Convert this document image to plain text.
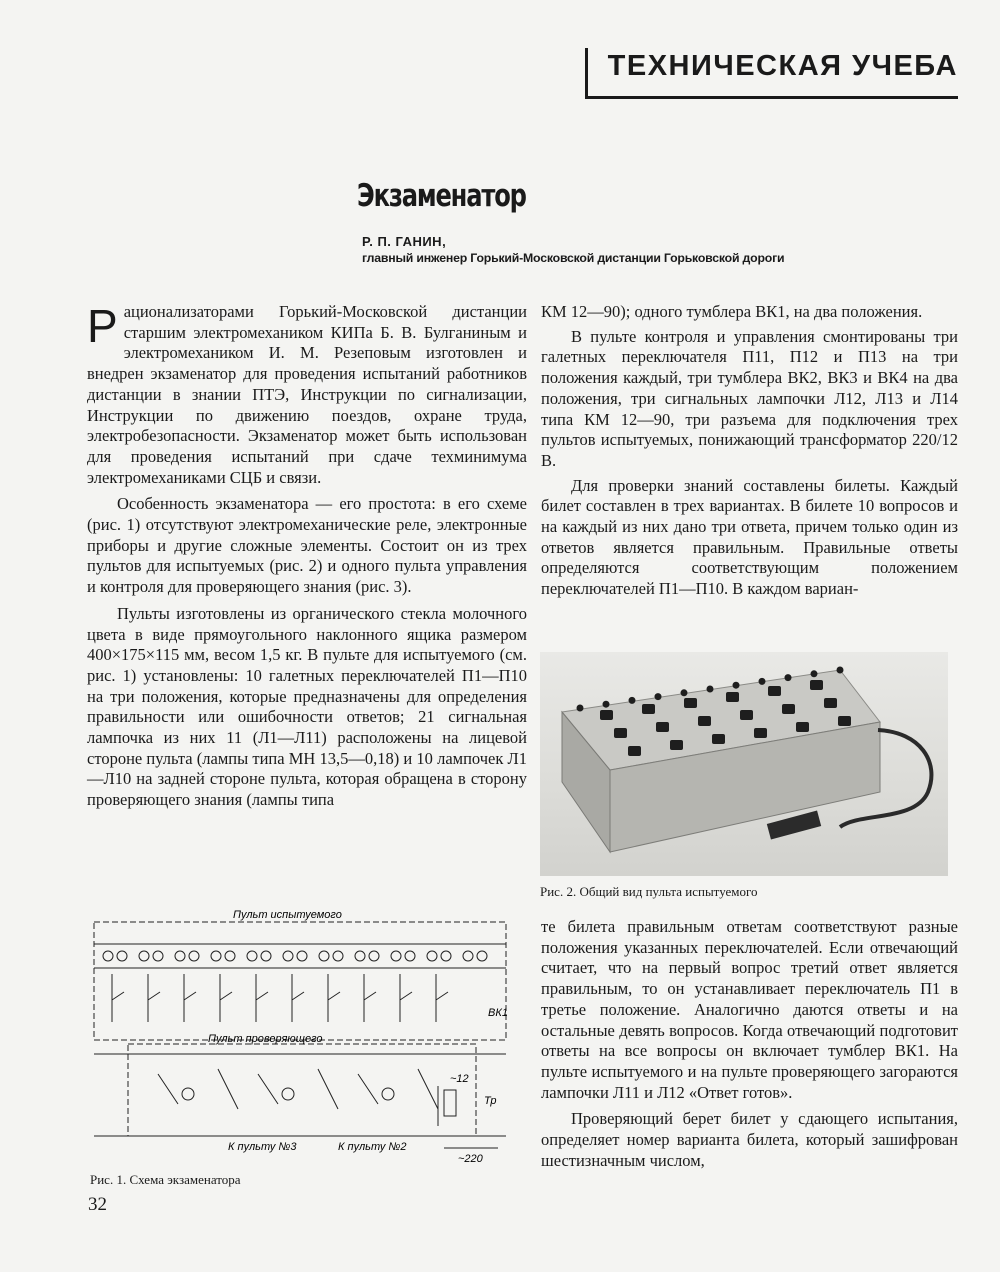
ТЕХНИЧЕСКАЯ УЧЕБА
Экзаменатор

Р. П. ГАНИН,

главный инженер Горький-Московской дистанции Горьковской дороги

Рационализаторами Горький-Московской дистанции старшим электромехаником КИПа Б. В. Булганиным и электромехаником И. М. Резеповым изготовлен и внедрен экзаменатор для проведения испытаний работников дистанции в знании ПТЭ, Инструкции по сигнализации, Инструкции по движению поездов, охране труда, электробезопасности. Экзаменатор может быть использован для проведения испытаний при сдаче техминимума электромеханиками СЦБ и связи.

Особенность экзаменатора — его простота: в его схеме (рис. 1) отсутствуют электромеханические реле, электронные приборы и другие сложные элементы. Состоит он из трех пультов для испытуемых (рис. 2) и одного пульта управления и контроля для проверяющего знания (рис. 3).

Пульты изготовлены из органического стекла молочного цвета в виде прямоугольного наклонного ящика размером 400×175×115 мм, весом 1,5 кг. В пульте для испытуемого (см. рис. 1) установлены: 10 галетных переключателей П1—П10 на три положения, которые предназначены для определения правильности или ошибочности ответов; 21 сигнальная лампочка из них 11 (Л1—Л11) расположены на лицевой стороне пульта (лампы типа МН 13,5—0,18) и 10 лампочек Л1—Л10 на задней стороне пульта, которая обращена в сторону проверяющего знания (лампы типа

КМ 12—90); одного тумблера ВК1, на два положения.

В пульте контроля и управления смонтированы три галетных переключателя П11, П12 и П13 на три положения каждый, три тумблера ВК2, ВК3 и ВК4 на два положения, три сигнальных лампочки Л12, Л13 и Л14 типа КМ 12—90, три разъема для подключения трех пультов испытуемых, понижающий трансформатор 220/12 В.

Для проверки знаний составлены билеты. Каждый билет составлен в трех вариантах. В билете 10 вопросов и на каждый из них дано три ответа, причем только один из ответов является правильным. Правильные ответы определяются соответствующим положением переключателей П1—П10. В каждом вариан-

Рис. 2. Общий вид пульта испытуемого

те билета правильным ответам соответствуют разные положения указанных переключателей. Если отвечающий считает, что на первый вопрос третий ответ является правильным, то он устанавливает переключатель П1 в третье положение. Аналогично даются ответы и на остальные девять вопросов. Когда отвечающий подготовит ответы на все вопросы он включает тумблер ВК1. На пульте испытуемого и на пульте проверяющего загораются лампочки Л11 и Л12 «Ответ готов».

Проверяющий берет билет у сдающего испытания, определяет номер варианта билета, который зашифрован шестизначным числом,

Пульт испытуемого
Пульт проверяющего
К пульту №3	К пульту №2
~12
~220
Тр
ВК1

Рис. 1. Схема экзаменатора

32
